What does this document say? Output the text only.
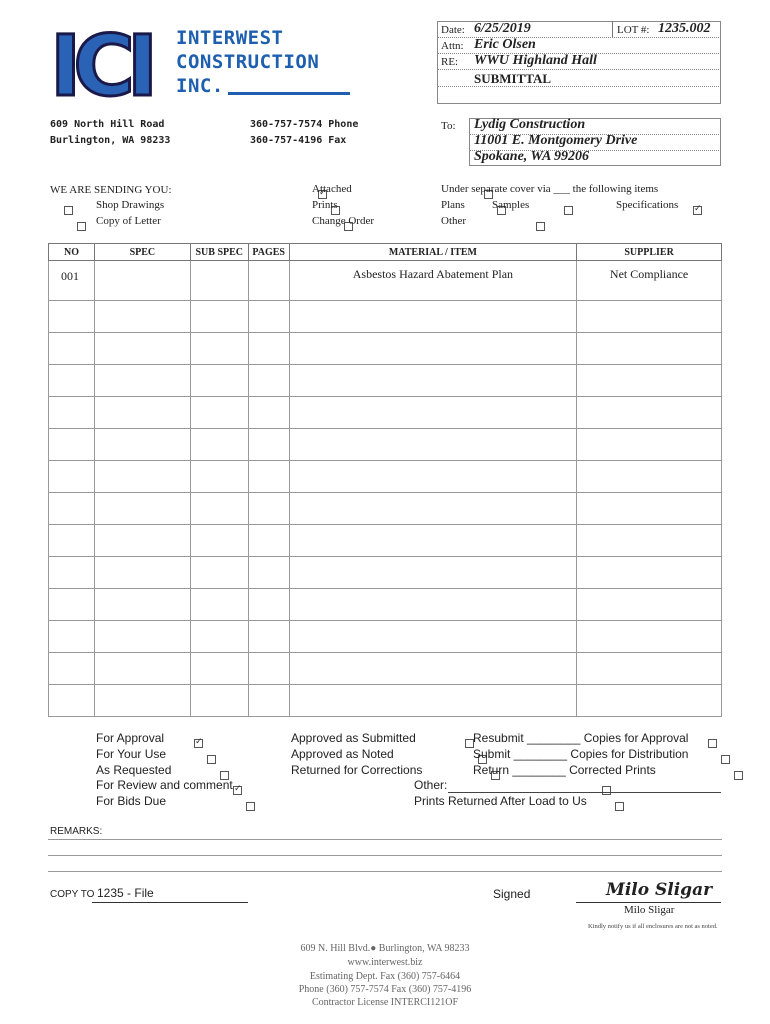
ICI INTERWEST
CONSTRUCTION
INC.
609 North Hill Road
Burlington, WA 98233
360-757-7574 Phone
360-757-4196 Fax
Date: 6/25/2019	LOT #: 1235.002
Attn: Eric Olsen
RE: WWU Highland Hall
SUBMITTAL
To: Lydig Construction
11001 E. Montgomery Drive
Spokane, WA 99206
WE ARE SENDING YOU:

Shop Drawings

Copy of Letter
✓
Attached

Prints

Change Order

Under separate cover via ___ the following items

Plans
Samples ✓	Specifications

Other
NO	SPEC	SUB SPEC	PAGES	MATERIAL / ITEM	SUPPLIER
001				Asbestos Hazard Abatement Plan	Net Compliance

✓
For Approval

For Your Use

As Requested
✓
For Review and comment

For Bids Due

Approved as Submitted

Approved as Noted

Returned for Corrections

Other:

Prints Returned After Load to Us

Resubmit ________ Copies for Approval

Submit ________ Copies for Distribution
Return ________ Corrected Prints
REMARKS:
COPY TO 1235 - File	Signed	Milo Sligar
Milo Sligar
Kindly notify us if all enclosures are not as noted.
609 N. Hill Blvd.● Burlington, WA 98233
www.interwest.biz
Estimating Dept. Fax (360) 757-6464
Phone (360) 757-7574 Fax (360) 757-4196
Contractor License INTERCI121OF
